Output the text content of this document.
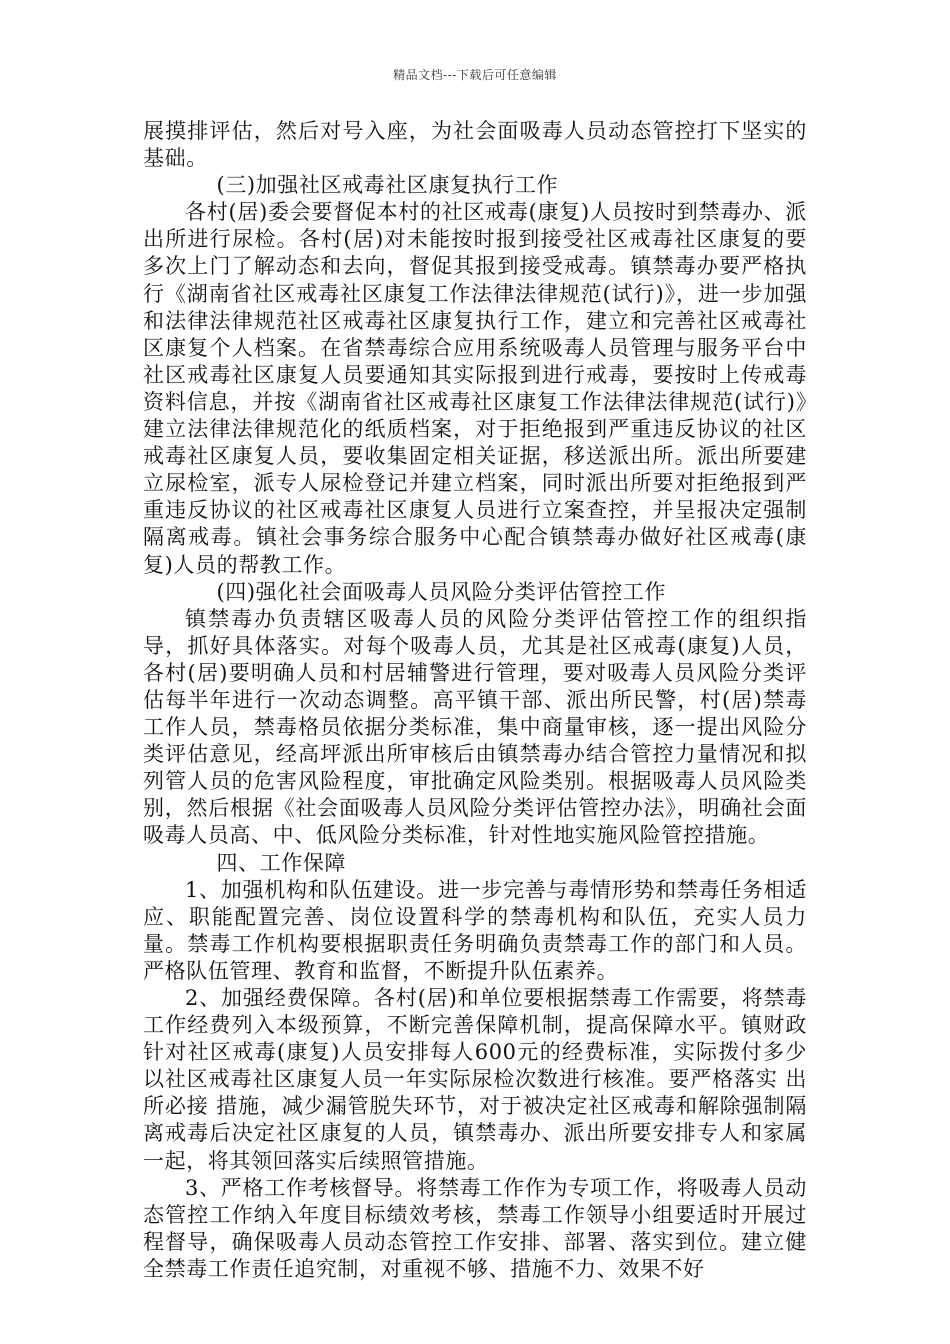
精品文档---下载后可任意编辑

展摸排评估，然后对号入座，为社会面吸毒人员动态管控打下坚实的基础。

(三)加强社区戒毒社区康复执行工作

各村(居)委会要督促本村的社区戒毒(康复)人员按时到禁毒办、派出所进行尿检。各村(居)对未能按时报到接受社区戒毒社区康复的要多次上门了解动态和去向，督促其报到接受戒毒。镇禁毒办要严格执行《湖南省社区戒毒社区康复工作法律法律规范(试行)》，进一步加强和法律法律规范社区戒毒社区康复执行工作，建立和完善社区戒毒社区康复个人档案。在省禁毒综合应用系统吸毒人员管理与服务平台中社区戒毒社区康复人员要通知其实际报到进行戒毒，要按时上传戒毒资料信息，并按《湖南省社区戒毒社区康复工作法律法律规范(试行)》建立法律法律规范化的纸质档案，对于拒绝报到严重违反协议的社区戒毒社区康复人员，要收集固定相关证据，移送派出所。派出所要建立尿检室，派专人尿检登记并建立档案，同时派出所要对拒绝报到严重违反协议的社区戒毒社区康复人员进行立案查控，并呈报决定强制隔离戒毒。镇社会事务综合服务中心配合镇禁毒办做好社区戒毒(康复)人员的帮教工作。

(四)强化社会面吸毒人员风险分类评估管控工作

镇禁毒办负责辖区吸毒人员的风险分类评估管控工作的组织指导，抓好具体落实。对每个吸毒人员，尤其是社区戒毒(康复)人员，各村(居)要明确人员和村居辅警进行管理，要对吸毒人员风险分类评估每半年进行一次动态调整。高平镇干部、派出所民警，村(居)禁毒工作人员，禁毒格员依据分类标准，集中商量审核，逐一提出风险分类评估意见，经高坪派出所审核后由镇禁毒办结合管控力量情况和拟列管人员的危害风险程度，审批确定风险类别。根据吸毒人员风险类别，然后根据《社会面吸毒人员风险分类评估管控办法》，明确社会面吸毒人员高、中、低风险分类标准，针对性地实施风险管控措施。

四、工作保障

1、加强机构和队伍建设。进一步完善与毒情形势和禁毒任务相适应、职能配置完善、岗位设置科学的禁毒机构和队伍，充实人员力量。禁毒工作机构要根据职责任务明确负责禁毒工作的部门和人员。严格队伍管理、教育和监督，不断提升队伍素养。

2、加强经费保障。各村(居)和单位要根据禁毒工作需要，将禁毒工作经费列入本级预算，不断完善保障机制，提高保障水平。镇财政针对社区戒毒(康复)人员安排每人600元的经费标准，实际拨付多少以社区戒毒社区康复人员一年实际尿检次数进行核准。要严格落实 出所必接 措施，减少漏管脱失环节，对于被决定社区戒毒和解除强制隔离戒毒后决定社区康复的人员，镇禁毒办、派出所要安排专人和家属一起，将其领回落实后续照管措施。

3、严格工作考核督导。将禁毒工作作为专项工作，将吸毒人员动态管控工作纳入年度目标绩效考核，禁毒工作领导小组要适时开展过程督导，确保吸毒人员动态管控工作安排、部署、落实到位。建立健全禁毒工作责任追究制，对重视不够、措施不力、效果不好
